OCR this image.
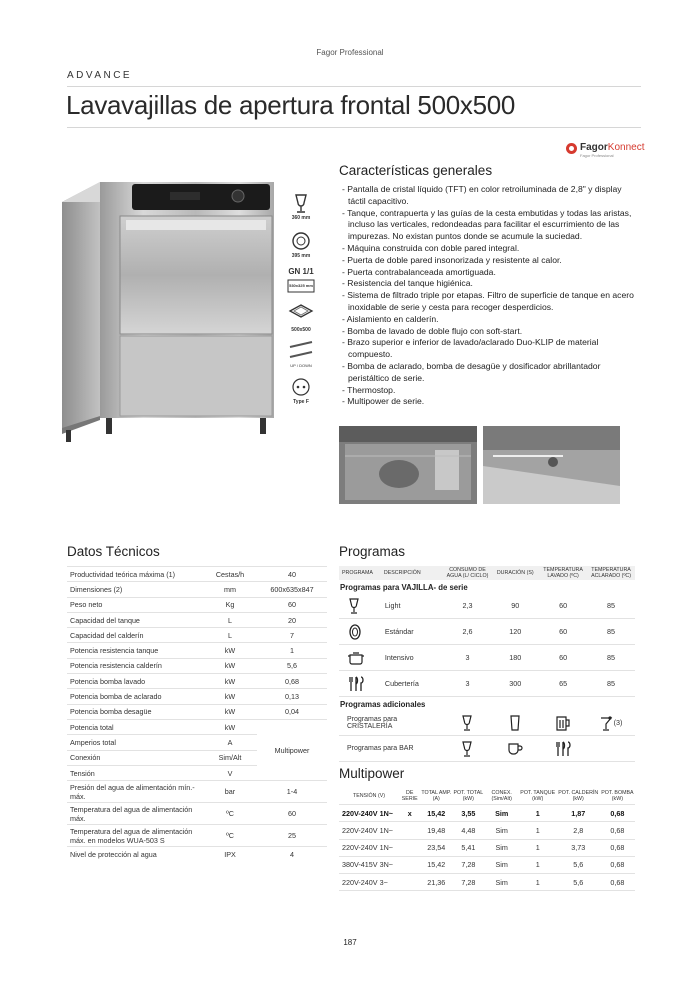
Fagor Professional
ADVANCE
Lavavajillas de apertura frontal 500x500
FagorKonnect
Fagor Professional
360 mm
395 mm
GN 1/1
530x325 mm
500x500
UP / DOWN
Type F
Características generales
- Pantalla de cristal líquido (TFT) en color retroiluminada de 2,8" y display táctil capacitivo.
- Tanque, contrapuerta y las guías de la cesta embutidas y todas las aristas, incluso las verticales, redondeadas para facilitar el escurrimiento de las impurezas. No existan puntos donde se acumule la suciedad.
- Máquina construida con doble pared integral.
- Puerta de doble pared insonorizada y resistente al calor.
- Puerta contrabalanceada amortiguada.
- Resistencia del tanque higiénica.
- Sistema de filtrado triple por etapas. Filtro de superficie de tanque en acero inoxidable de serie y cesta para recoger desperdicios.
- Aislamiento en calderín.
- Bomba de lavado de doble flujo con soft-start.
- Brazo superior e inferior de lavado/aclarado Duo-KLIP de material compuesto.
- Bomba de aclarado, bomba de desagüe y dosificador abrillantador peristáltico de serie.
- Thermostop.
- Multipower de serie.
Datos Técnicos
Productividad teórica máxima (1)	Cestas/h	40
Dimensiones (2)	mm	600x635x847
Peso neto	Kg	60
Capacidad del tanque	L	20
Capacidad del calderín	L	7
Potencia resistencia tanque	kW	1
Potencia resistencia calderín	kW	5,6
Potencia bomba lavado	kW	0,68
Potencia bomba de aclarado	kW	0,13
Potencia bomba desagüe	kW	0,04
Potencia total	kW	Multipower
Amperios total	A	
Conexión	Sim/Alt	
Tensión	V	
Presión del agua de alimentación mín.-máx.	bar	1-4
Temperatura del agua de alimentación máx.	ºC	60
Temperatura del agua de alimentación máx. en modelos WUA-503 S	ºC	25
Nivel de protección al agua	IPX	4
Programas
PROGRAMA	DESCRIPCIÓN	CONSUMO DE AGUA (L/ CICLO)	DURACIÓN (S)	TEMPERATURA LAVADO (ºC)	TEMPERATURA ACLARADO (ºC)
Programas para VAJILLA- de serie					
	Light	2,3	90	60	85
	Estándar	2,6	120	60	85
	Intensivo	3	180	60	85
	Cubertería	3	300	65	85
Programas adicionales					
Programas para CRISTALERÍA					(3)
Programas para BAR				
Multipower
TENSIÓN (V)	DE SERIE	TOTAL AMP. (A)	POT. TOTAL (kW)	CONEX. (Sim/Alt)	POT. TANQUE (kW)	POT. CALDERÍN (kW)	POT. BOMBA (kW)
220V-240V 1N~	x	15,42	3,55	Sim	1	1,87	0,68
220V-240V 1N~		19,48	4,48	Sim	1	2,8	0,68
220V-240V 1N~		23,54	5,41	Sim	1	3,73	0,68
380V-415V 3N~		15,42	7,28	Sim	1	5,6	0,68
220V-240V 3~		21,36	7,28	Sim	1	5,6	0,68
187
